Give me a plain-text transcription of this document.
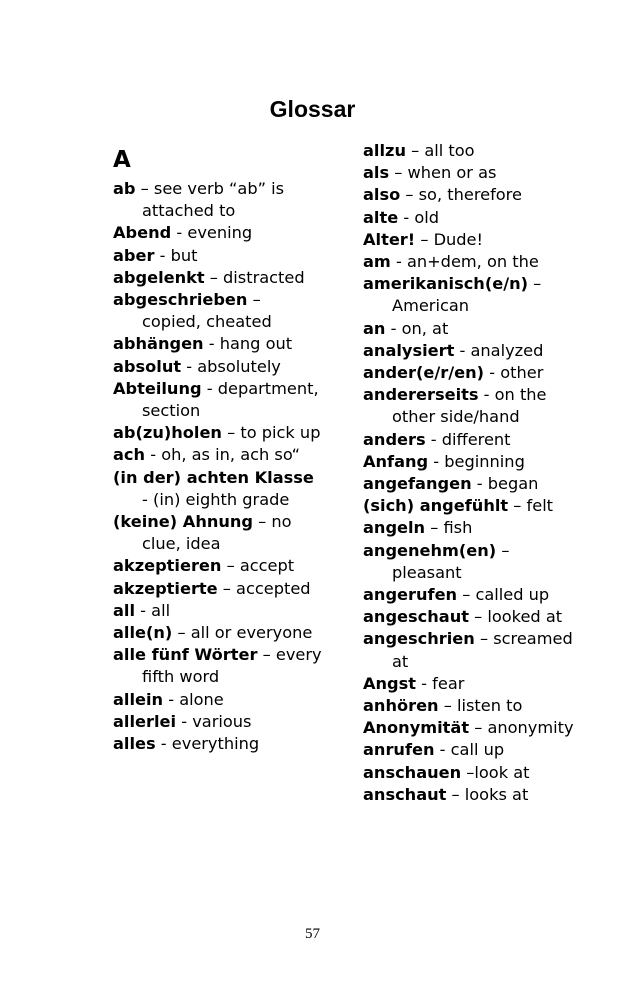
Glossar
A
ab – see verb “ab” is attached to
Abend - evening
aber - but
abgelenkt – distracted
abgeschrieben – copied, cheated
abhängen - hang out
absolut - absolutely
Abteilung - department, section
ab(zu)holen – to pick up
ach - oh, as in, ach so“
(in der) achten Klasse - (in) eighth grade
(keine) Ahnung – no clue, idea
akzeptieren – accept
akzeptierte – accepted
all - all
alle(n) – all or everyone
alle fünf Wörter – every fifth word
allein - alone
allerlei - various
alles - everything
allzu – all too
als – when or as
also – so, therefore
alte - old
Alter! – Dude!
am - an+dem, on the
amerikanisch(e/n) – American
an - on, at
analysiert - analyzed
ander(e/r/en) - other
andererseits - on the other side/hand
anders - different
Anfang - beginning
angefangen - began
(sich) angefühlt – felt
angeln – fish
angenehm(en) – pleasant
angerufen – called up
angeschaut – looked at
angeschrien – screamed at
Angst - fear
anhören – listen to
Anonymität – anonymity
anrufen - call up
anschauen –look at
anschaut – looks at
57
